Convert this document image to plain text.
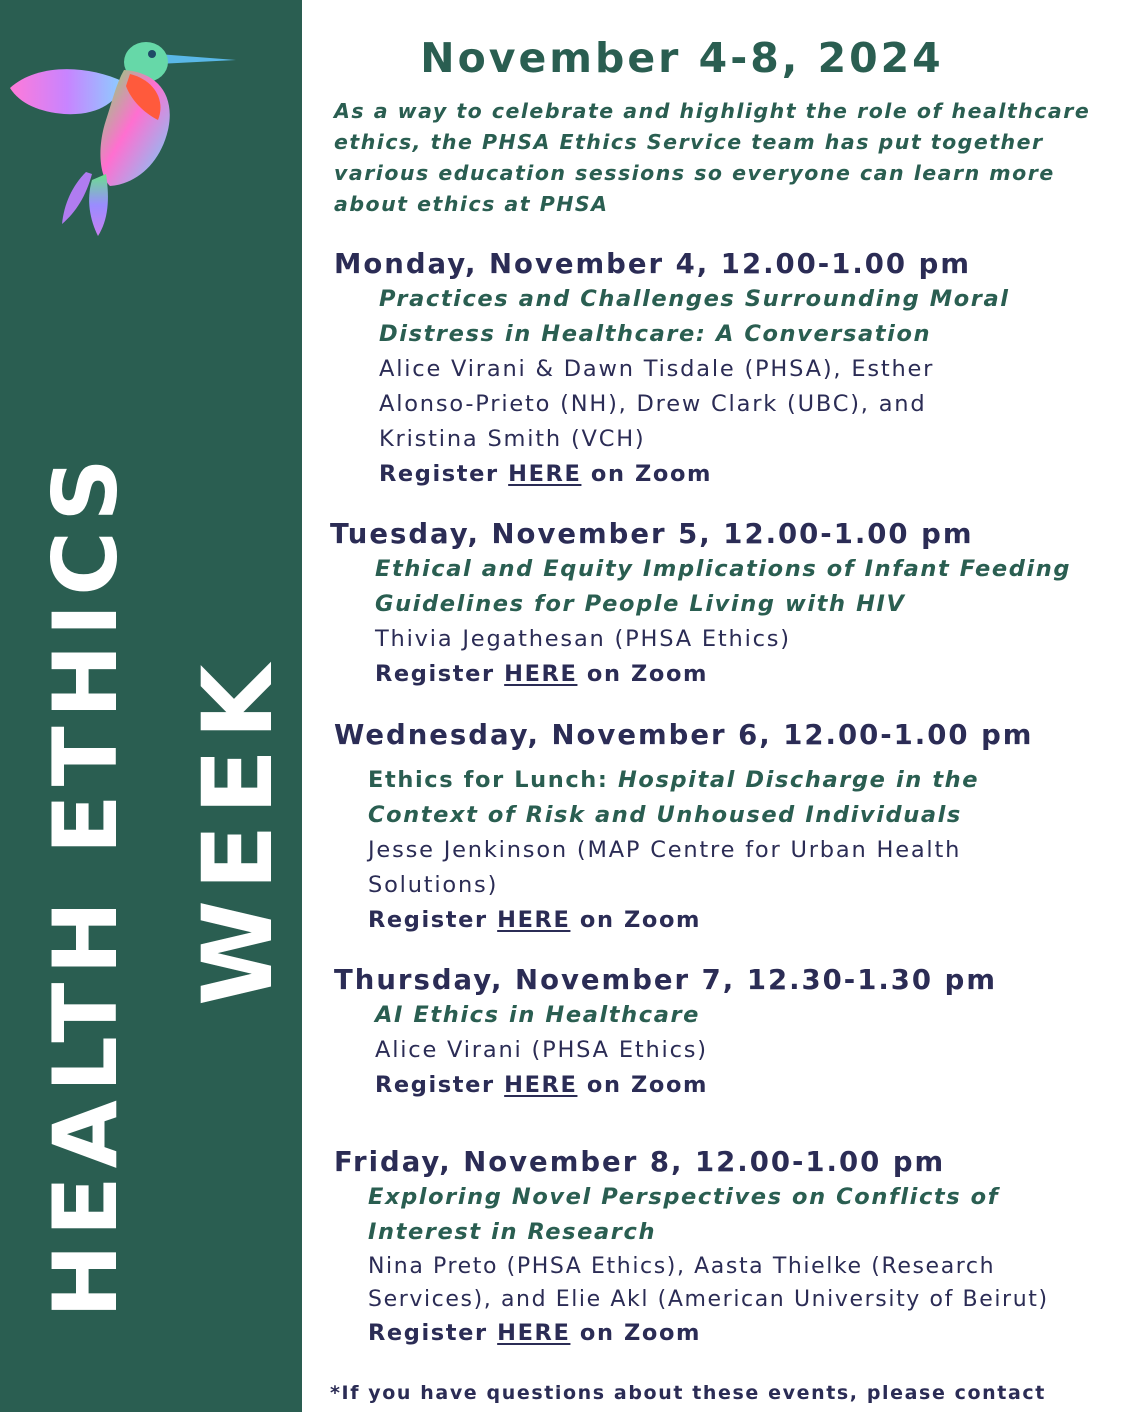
HEALTH ETHICS WEEK
November 4-8, 2024
As a way to celebrate and highlight the role of healthcare ethics, the PHSA Ethics Service team has put together various education sessions so everyone can learn more about ethics at PHSA
Monday, November 4, 12.00-1.00 pm
Practices and Challenges Surrounding Moral Distress in Healthcare: A Conversation
Alice Virani & Dawn Tisdale (PHSA), Esther Alonso-Prieto (NH), Drew Clark (UBC), and Kristina Smith (VCH)
Register HERE on Zoom
Tuesday, November 5, 12.00-1.00 pm
Ethical and Equity Implications of Infant Feeding Guidelines for People Living with HIV
Thivia Jegathesan (PHSA Ethics)
Register HERE on Zoom
Wednesday, November 6, 12.00-1.00 pm
Ethics for Lunch: Hospital Discharge in the Context of Risk and Unhoused Individuals
Jesse Jenkinson (MAP Centre for Urban Health Solutions)
Register HERE on Zoom
Thursday, November 7, 12.30-1.30 pm
AI Ethics in Healthcare
Alice Virani (PHSA Ethics)
Register HERE on Zoom
Friday, November 8, 12.00-1.00 pm
Exploring Novel Perspectives on Conflicts of Interest in Research
Nina Preto (PHSA Ethics), Aasta Thielke (Research Services), and Elie Akl (American University of Beirut)
Register HERE on Zoom
*If you have questions about these events, please contact
